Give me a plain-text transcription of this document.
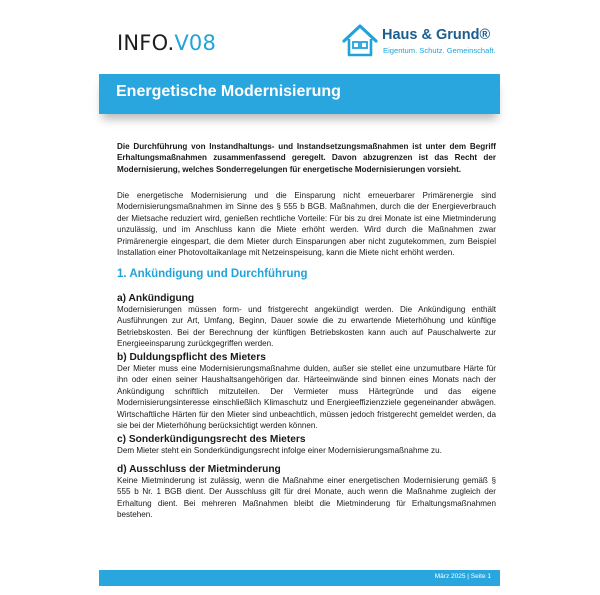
INFO.V08	Haus & Grund®
Eigentum. Schutz. Gemeinschaft.
Energetische Modernisierung

Die Durchführung von Instandhaltungs- und Instandsetzungsmaßnahmen ist unter dem Begriff Erhaltungsmaßnahmen zusammenfassend geregelt. Davon abzugrenzen ist das Recht der Modernisierung, welches Sonderregelungen für energetische Modernisierungen vorsieht.

Die energetische Modernisierung und die Einsparung nicht erneuerbarer Primärenergie sind Modernisierungsmaßnahmen im Sinne des § 555 b BGB. Maßnahmen, durch die der Energieverbrauch der Mietsache reduziert wird, genießen rechtliche Vorteile: Für bis zu drei Monate ist eine Mietminderung unzulässig, und im Anschluss kann die Miete erhöht werden. Wird durch die Maßnahmen zwar Primärenergie eingespart, die dem Mieter durch Einsparungen aber nicht zugutekommen, zum Beispiel Installation einer Photovoltaikanlage mit Netzeinspeisung, kann die Miete nicht erhöht werden.

1. Ankündigung und Durchführung
a) Ankündigung

Modernisierungen müssen form- und fristgerecht angekündigt werden. Die Ankündigung enthält Ausführungen zur Art, Umfang, Beginn, Dauer sowie die zu erwartende Mieterhöhung und künftige Betriebskosten. Bei der Berechnung der künftigen Betriebskosten kann auch auf Pauschalwerte zur Energieeinsparung zurückgegriffen werden.

b) Duldungspflicht des Mieters

Der Mieter muss eine Modernisierungsmaßnahme dulden, außer sie stellet eine unzumutbare Härte für ihn oder einen seiner Haushaltsangehörigen dar. Härteeinwände sind binnen eines Monats nach der Ankündigung schriftlich mitzuteilen. Der Vermieter muss Härtegründe und das eigene Modernisierungsinteresse einschließlich Klimaschutz und Energieeffizienzziele gegeneinander abwägen. Wirtschaftliche Härten für den Mieter sind unbeachtlich, müssen jedoch fristgerecht gemeldet werden, da sie bei der Mieterhöhung berücksichtigt werden können.

c) Sonderkündigungsrecht des Mieters

Dem Mieter steht ein Sonderkündigungsrecht infolge einer Modernisierungsmaßnahme zu.

d) Ausschluss der Mietminderung

Keine Mietminderung ist zulässig, wenn die Maßnahme einer energetischen Modernisierung gemäß § 555 b Nr. 1 BGB dient. Der Ausschluss gilt für drei Monate, auch wenn die Maßnahme zugleich der Erhaltung dient. Bei mehreren Maßnahmen bleibt die Mietminderung für Erhaltungsmaßnahmen bestehen.

März 2025 | Seite 1
